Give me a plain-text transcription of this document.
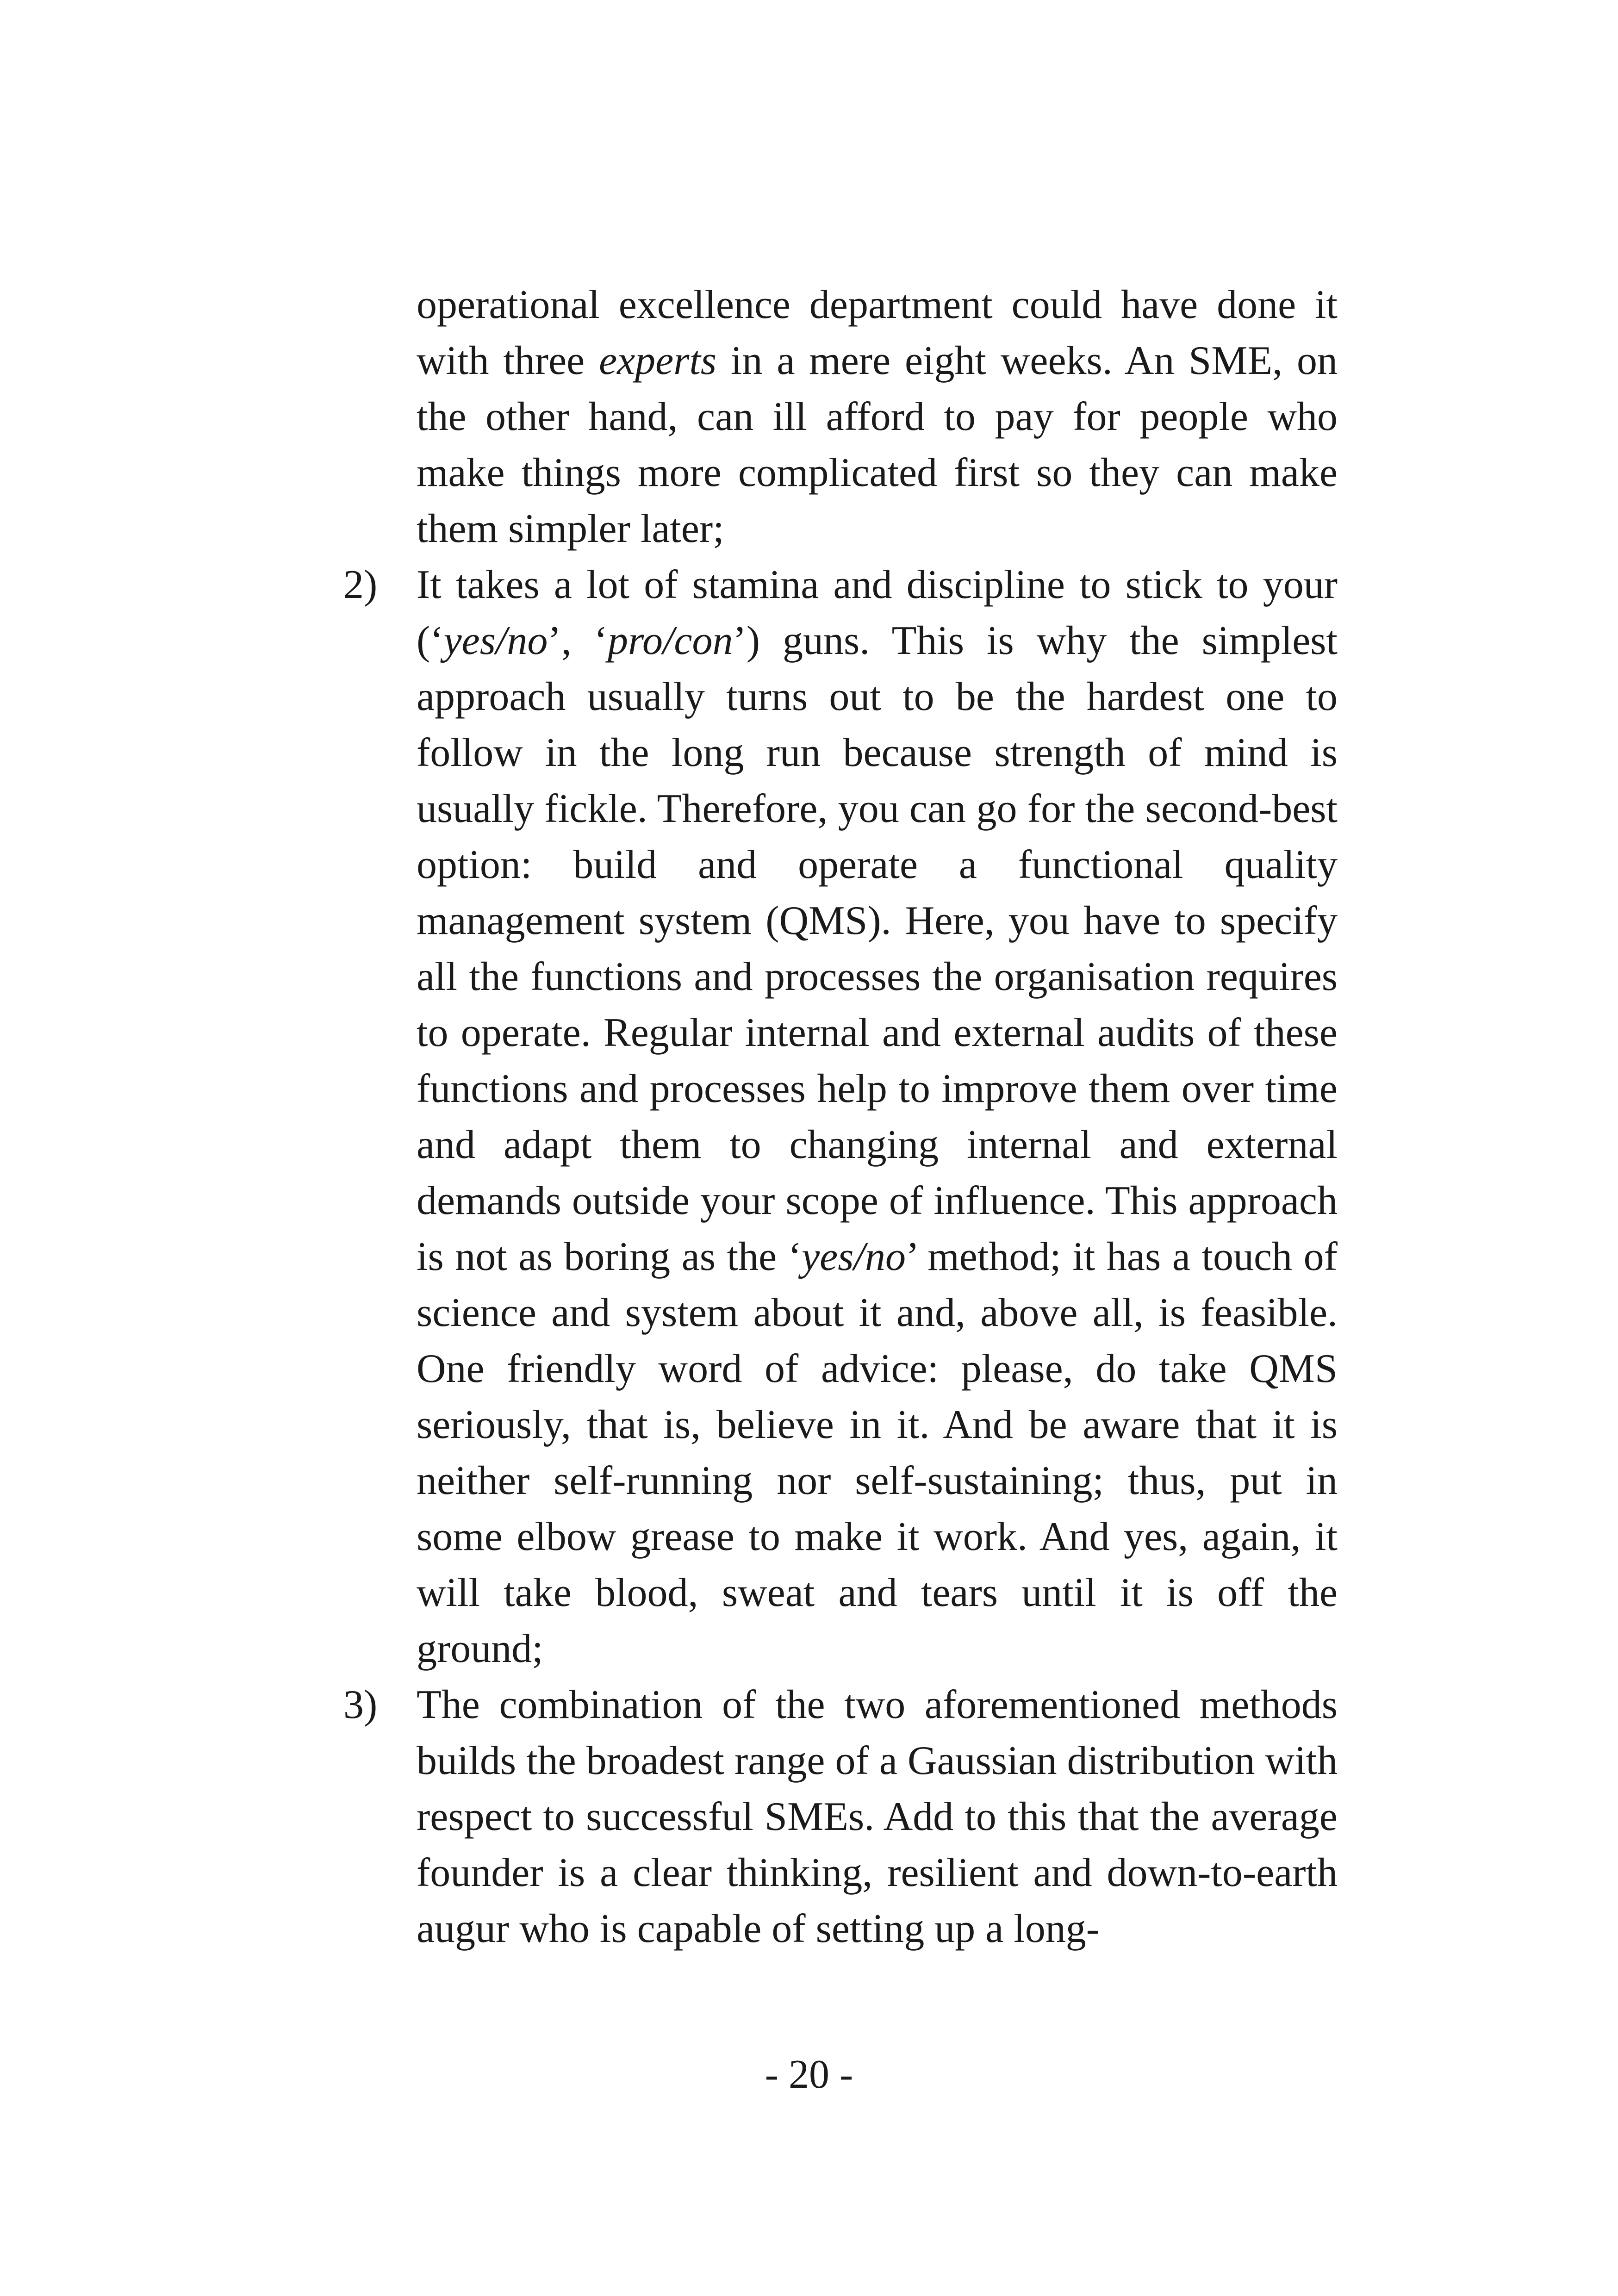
operational excellence department could have done it with three experts in a mere eight weeks. An SME, on the other hand, can ill afford to pay for people who make things more complicated first so they can make them simpler later;

2) It takes a lot of stamina and discipline to stick to your (‘yes/no’, ‘pro/con’) guns. This is why the simplest approach usually turns out to be the hardest one to follow in the long run because strength of mind is usually fickle. Therefore, you can go for the second-best option: build and operate a functional quality management system (QMS). Here, you have to specify all the functions and processes the organisation requires to operate. Regular internal and external audits of these functions and processes help to improve them over time and adapt them to changing internal and external demands outside your scope of influence. This approach is not as boring as the ‘yes/no’ method; it has a touch of science and system about it and, above all, is feasible. One friendly word of advice: please, do take QMS seriously, that is, believe in it. And be aware that it is neither self-running nor self-sustaining; thus, put in some elbow grease to make it work. And yes, again, it will take blood, sweat and tears until it is off the ground;

3) The combination of the two aforementioned methods builds the broadest range of a Gaussian distribution with respect to successful SMEs. Add to this that the average founder is a clear thinking, resilient and down-to-earth augur who is capable of setting up a long-

- 20 -
